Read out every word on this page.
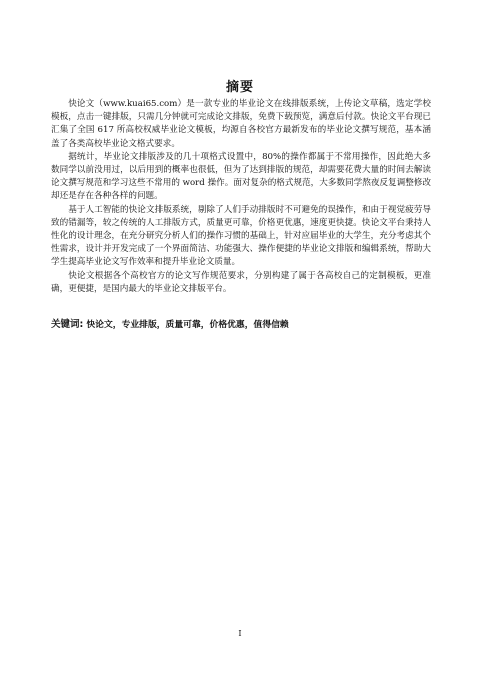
摘要

快论文（www.kuai65.com）是一款专业的毕业论文在线排版系统，上传论文草稿，选定学校模板，点击一键排版，只需几分钟就可完成论文排版，免费下载预览，满意后付款。快论文平台现已汇集了全国 617 所高校权威毕业论文模板，均源自各校官方最新发布的毕业论文撰写规范，基本涵盖了各类高校毕业论文格式要求。

据统计，毕业论文排版涉及的几十项格式设置中，80%的操作都属于不常用操作，因此绝大多数同学以前没用过，以后用到的概率也很低，但为了达到排版的规范，却需要花费大量的时间去解读论文撰写规范和学习这些不常用的 word 操作。面对复杂的格式规范，大多数同学熬夜反复调整修改却还是存在各种各样的问题。

基于人工智能的快论文排版系统，剔除了人们手动排版时不可避免的误操作，和由于视觉疲劳导致的错漏等，较之传统的人工排版方式，质量更可靠，价格更优惠，速度更快捷。快论文平台秉持人性化的设计理念，在充分研究分析人们的操作习惯的基础上，针对应届毕业的大学生，充分考虑其个性需求，设计并开发完成了一个界面简洁、功能强大、操作便捷的毕业论文排版和编辑系统，帮助大学生提高毕业论文写作效率和提升毕业论文质量。

快论文根据各个高校官方的论文写作规范要求，分别构建了属于各高校自己的定制模板，更准确，更便捷，是国内最大的毕业论文排版平台。

关键词: 快论文，专业排版，质量可靠，价格优惠，值得信赖
I
